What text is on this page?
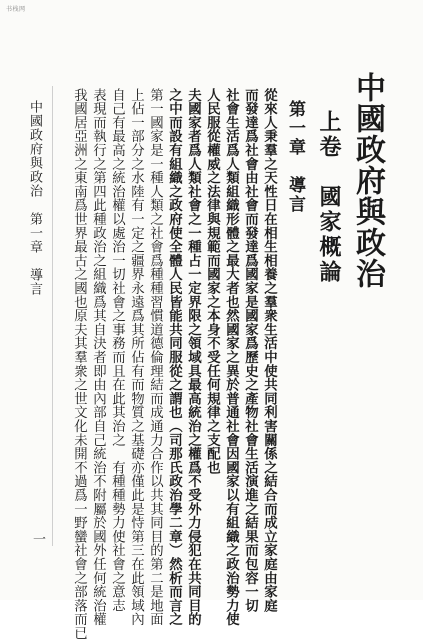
书栈网
中國政府與政治
上卷　國家概論
第一章　導言
從來人秉羣之天性日在相生相養之羣衆生活中使共同利害關係之結合而成立家庭由家庭
而發達爲社會由社會而發達爲國家是國家爲歷史之產物社會生活演進之結果而包容一切
社會生活爲人類組織形體之最大者也然國家之異於普通社會因國家以有組織之政治勢力使
人民服從權威之法律與規範而國家之本身不受任何規律之支配也
夫國家者爲人類社會之一種占一定界限之領域具最高統治之權爲不受外力侵犯在共同目的
之中而設有組織之政府使全體人民皆能共同服從之謂也（司那氏政治學二章）然析而言之
第一國家是一種人類之社會爲種種習慣道德倫理結而成通力合作以共其同目的第二是地面
上佔一部分之水陸有一定之疆界永遠爲其所佔有而物質之基礎亦僅此是恃第三在此領域內
自己有最高之統治權以處治一切社會之事務而且在此其治之　有種種勢力使社會之意志
表現而執行之第四此種政治之組織爲其自決者即由內部自己統治不附屬於國外任何統治權
我國居亞洲之東南爲世界最古之國也原夫其羣衆之世文化未開不過爲一野蠻社會之部落而已
中國政府與政治　第一章　導言
一
